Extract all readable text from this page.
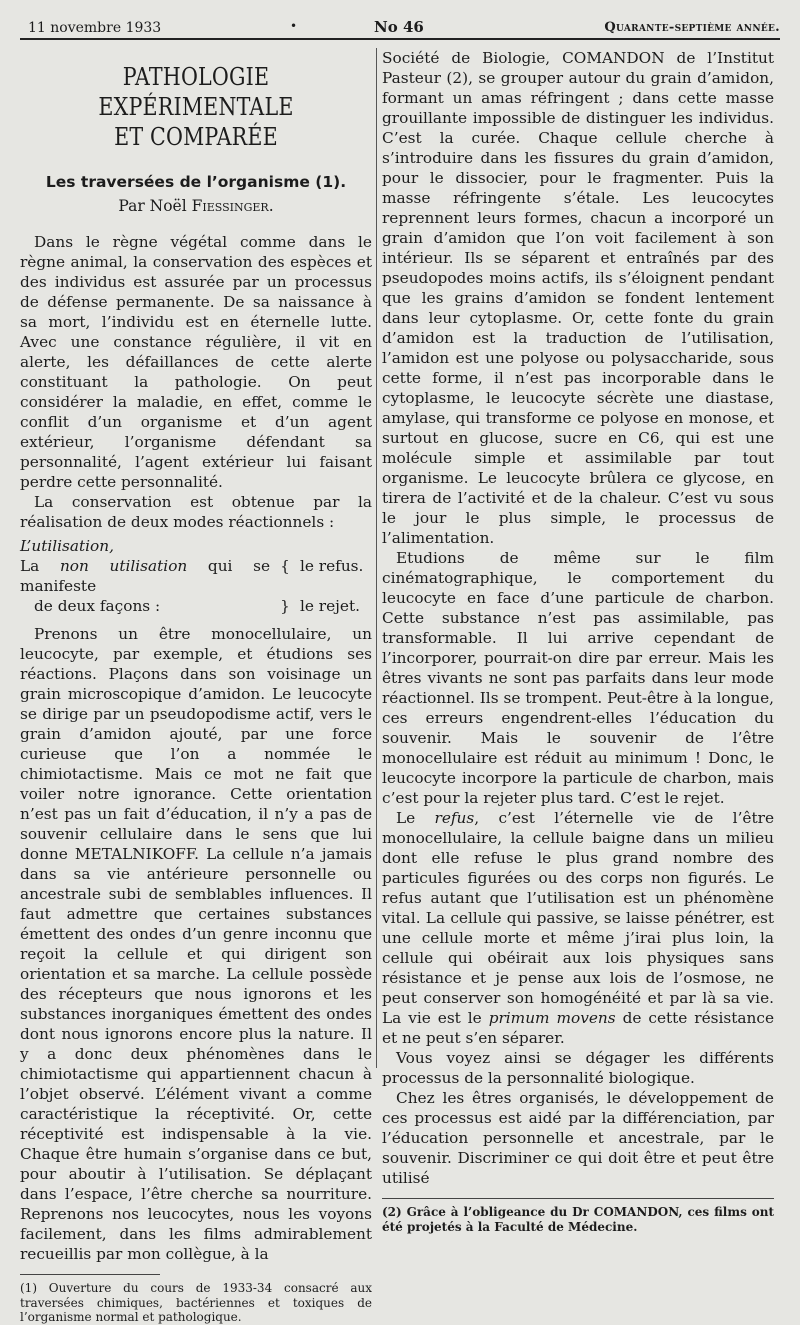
11 novembre 1933	•	No 46	Quarante-septième année.
PATHOLOGIE EXPÉRIMENTALE
ET COMPARÉE
Les traversées de l’organisme (1).
Par Noël Fiessinger.

Dans le règne végétal comme dans le règne animal, la conservation des espèces et des individus est assurée par un processus de défense permanente. De sa naissance à sa mort, l’individu est en éternelle lutte. Avec une constance régulière, il vit en alerte, les défaillances de cette alerte constituant la pathologie. On peut considérer la maladie, en effet, comme le conflit d’un organisme et d’un agent extérieur, l’organisme défendant sa personnalité, l’agent extérieur lui faisant perdre cette personnalité.

La conservation est obtenue par la réalisation de deux modes réactionnels :

L’utilisation,
La non utilisation qui se manifeste
{ le refus.
de deux façons :	} le rejet.

Prenons un être monocellulaire, un leucocyte, par exemple, et étudions ses réactions. Plaçons dans son voisinage un grain microscopique d’amidon. Le leucocyte se dirige par un pseudopodisme actif, vers le grain d’amidon ajouté, par une force curieuse que l’on a nommée le chimiotactisme. Mais ce mot ne fait que voiler notre ignorance. Cette orientation n’est pas un fait d’éducation, il n’y a pas de souvenir cellulaire dans le sens que lui donne METALNIKOFF. La cellule n’a jamais dans sa vie antérieure personnelle ou ancestrale subi de semblables influences. Il faut admettre que certaines substances émettent des ondes d’un genre inconnu que reçoit la cellule et qui dirigent son orientation et sa marche. La cellule possède des récepteurs que nous ignorons et les substances inorganiques émettent des ondes dont nous ignorons encore plus la nature. Il y a donc deux phénomènes dans le chimiotactisme qui appartiennent chacun à l’objet observé. L’élément vivant a comme caractéristique la réceptivité. Or, cette réceptivité est indispensable à la vie. Chaque être humain s’organise dans ce but, pour aboutir à l’utilisation. Se déplaçant dans l’espace, l’être cherche sa nourriture. Reprenons nos leucocytes, nous les voyons facilement, dans les films admirablement recueillis par mon collègue, à la

(1) Ouverture du cours de 1933-34 consacré aux traversées chimiques, bactériennes et toxiques de l’organisme normal et pathologique.

Société de Biologie, COMANDON de l’Institut Pasteur (2), se grouper autour du grain d’amidon, formant un amas réfringent ; dans cette masse grouillante impossible de distinguer les individus. C’est la curée. Chaque cellule cherche à s’introduire dans les fissures du grain d’amidon, pour le dissocier, pour le fragmenter. Puis la masse réfringente s’étale. Les leucocytes reprennent leurs formes, chacun a incorporé un grain d’amidon que l’on voit facilement à son intérieur. Ils se séparent et entraînés par des pseudopodes moins actifs, ils s’éloignent pendant que les grains d’amidon se fondent lentement dans leur cytoplasme. Or, cette fonte du grain d’amidon est la traduction de l’utilisation, l’amidon est une polyose ou polysaccharide, sous cette forme, il n’est pas incorporable dans le cytoplasme, le leucocyte sécrète une diastase, amylase, qui transforme ce polyose en monose, et surtout en glucose, sucre en C6, qui est une molécule simple et assimilable par tout organisme. Le leucocyte brûlera ce glycose, en tirera de l’activité et de la chaleur. C’est vu sous le jour le plus simple, le processus de l’alimentation.

Etudions de même sur le film cinématographique, le comportement du leucocyte en face d’une particule de charbon. Cette substance n’est pas assimilable, pas transformable. Il lui arrive cependant de l’incorporer, pourrait-on dire par erreur. Mais les êtres vivants ne sont pas parfaits dans leur mode réactionnel. Ils se trompent. Peut-être à la longue, ces erreurs engendrent-elles l’éducation du souvenir. Mais le souvenir de l’être monocellulaire est réduit au minimum ! Donc, le leucocyte incorpore la particule de charbon, mais c’est pour la rejeter plus tard. C’est le rejet.

Le refus, c’est l’éternelle vie de l’être monocellulaire, la cellule baigne dans un milieu dont elle refuse le plus grand nombre des particules figurées ou des corps non figurés. Le refus autant que l’utilisation est un phénomène vital. La cellule qui passive, se laisse pénétrer, est une cellule morte et même j’irai plus loin, la cellule qui obéirait aux lois physiques sans résistance et je pense aux lois de l’osmose, ne peut conserver son homogénéité et par là sa vie. La vie est le primum movens de cette résistance et ne peut s’en séparer.

Vous voyez ainsi se dégager les différents processus de la personnalité biologique.

Chez les êtres organisés, le développement de ces processus est aidé par la différenciation, par l’éducation personnelle et ancestrale, par le souvenir. Discriminer ce qui doit être et peut être utilisé

(2) Grâce à l’obligeance du Dr COMANDON, ces films ont été projetés à la Faculté de Médecine.
